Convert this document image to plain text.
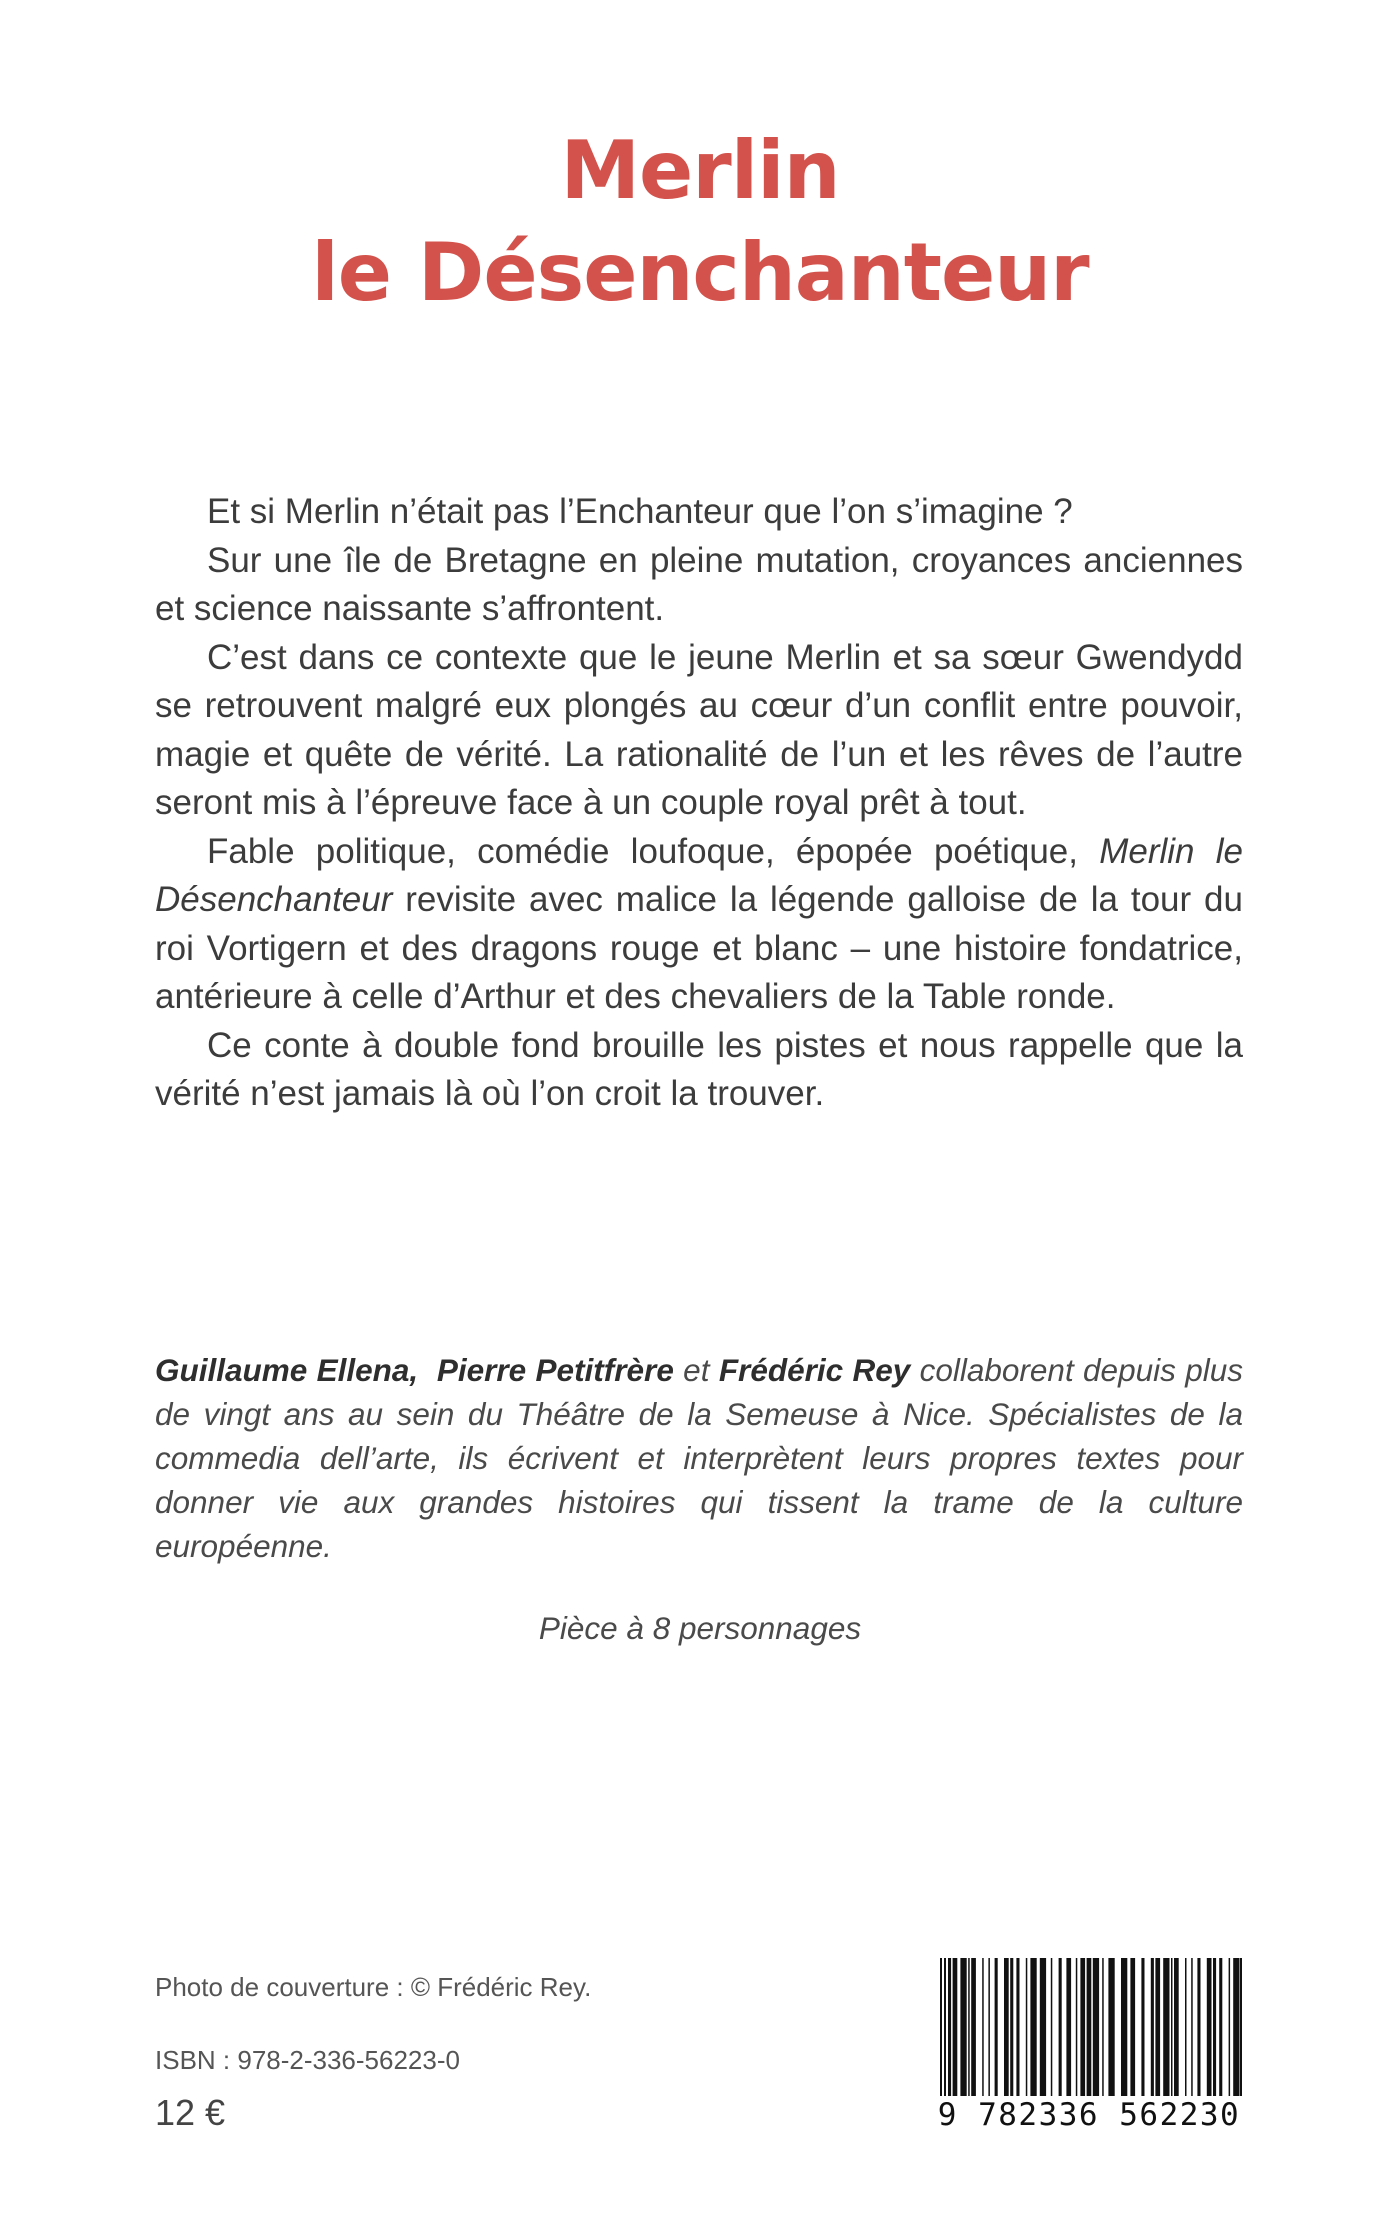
Merlin
le Désenchanteur

Et si Merlin n’était pas l’Enchanteur que l’on s’imagine ?

Sur une île de Bretagne en pleine mutation, croyances anciennes et science naissante s’affrontent.

C’est dans ce contexte que le jeune Merlin et sa sœur Gwendydd se retrouvent malgré eux plongés au cœur d’un conflit entre pouvoir, magie et quête de vérité. La rationalité de l’un et les rêves de l’autre seront mis à l’épreuve face à un couple royal prêt à tout.

Fable politique, comédie loufoque, épopée poétique, Merlin le Désenchanteur revisite avec malice la légende galloise de la tour du roi Vortigern et des dragons rouge et blanc – une histoire fondatrice, antérieure à celle d’Arthur et des chevaliers de la Table ronde.

Ce conte à double fond brouille les pistes et nous rappelle que la vérité n’est jamais là où l’on croit la trouver.

Guillaume Ellena, Pierre Petitfrère et Frédéric Rey collaborent depuis plus de vingt ans au sein du Théâtre de la Semeuse à Nice. Spécialistes de la commedia dell’arte, ils écrivent et interprètent leurs propres textes pour donner vie aux grandes histoires qui tissent la trame de la culture européenne.
Pièce à 8 personnages
Photo de couverture : © Frédéric Rey.
ISBN : 978-2-336-56223-0
12 €	9 782336 562230
